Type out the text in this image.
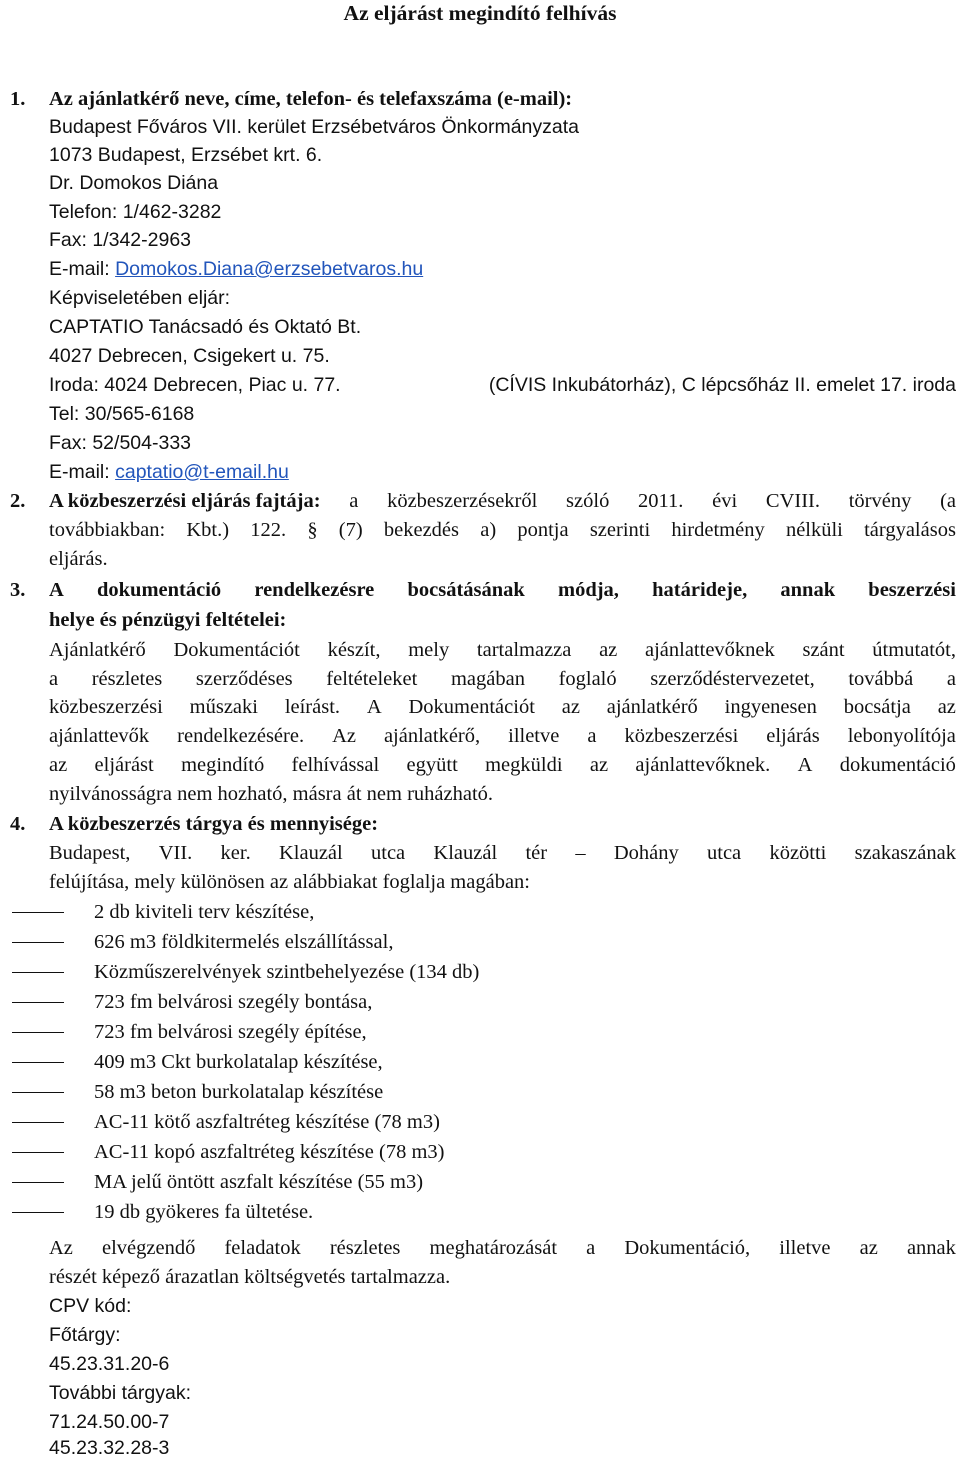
Az eljárást megindító felhívás
1. Az ajánlatkérő neve, címe, telefon- és telefaxszáma (e-mail):
Budapest Főváros VII. kerület Erzsébetváros Önkormányzata
1073 Budapest, Erzsébet krt. 6.
Dr. Domokos Diána
Telefon: 1/462-3282
Fax: 1/342-2963
E-mail: Domokos.Diana@erzsebetvaros.hu
Képviseletében eljár:
CAPTATIO Tanácsadó és Oktató Bt.
4027 Debrecen, Csigekert u. 75.
Iroda: 4024 Debrecen, Piac u. 77.	(CÍVIS Inkubátorház), C lépcsőház II. emelet 17. iroda
Tel: 30/565-6168
Fax: 52/504-333
E-mail: captatio@t-email.hu
2. A közbeszerzési eljárás fajtája: a közbeszerzésekről szóló 2011. évi CVIII. törvény (a
továbbiakban: Kbt.) 122. § (7) bekezdés a) pontja szerinti hirdetmény nélküli tárgyalásos
eljárás.
3. A dokumentáció rendelkezésre bocsátásának módja, határideje, annak beszerzési
helye és pénzügyi feltételei:
Ajánlatkérő Dokumentációt készít, mely tartalmazza az ajánlattevőknek szánt útmutatót,
a részletes szerződéses feltételeket magában foglaló szerződéstervezetet, továbbá a
közbeszerzési műszaki leírást. A Dokumentációt az ajánlatkérő ingyenesen bocsátja az
ajánlattevők rendelkezésére. Az ajánlatkérő, illetve a közbeszerzési eljárás lebonyolítója
az eljárást megindító felhívással együtt megküldi az ajánlattevőknek. A dokumentáció
nyilvánosságra nem hozható, másra át nem ruházható.
4. A közbeszerzés tárgya és mennyisége:
Budapest, VII. ker. Klauzál utca Klauzál tér – Dohány utca közötti szakaszának
felújítása, mely különösen az alábbiakat foglalja magában:
2 db kiviteli terv készítése,
626 m3 földkitermelés elszállítással,
Közműszerelvények szintbehelyezése (134 db)
723 fm belvárosi szegély bontása,
723 fm belvárosi szegély építése,
409 m3 Ckt burkolatalap készítése,
58 m3 beton burkolatalap készítése
AC-11 kötő aszfaltréteg készítése (78 m3)
AC-11 kopó aszfaltréteg készítése (78 m3)
MA jelű öntött aszfalt készítése (55 m3)
19 db gyökeres fa ültetése.
Az elvégzendő feladatok részletes meghatározását a Dokumentáció, illetve az annak
részét képező árazatlan költségvetés tartalmazza.
CPV kód:
Főtárgy:
45.23.31.20-6
További tárgyak:
71.24.50.00-7
45.23.32.28-3
